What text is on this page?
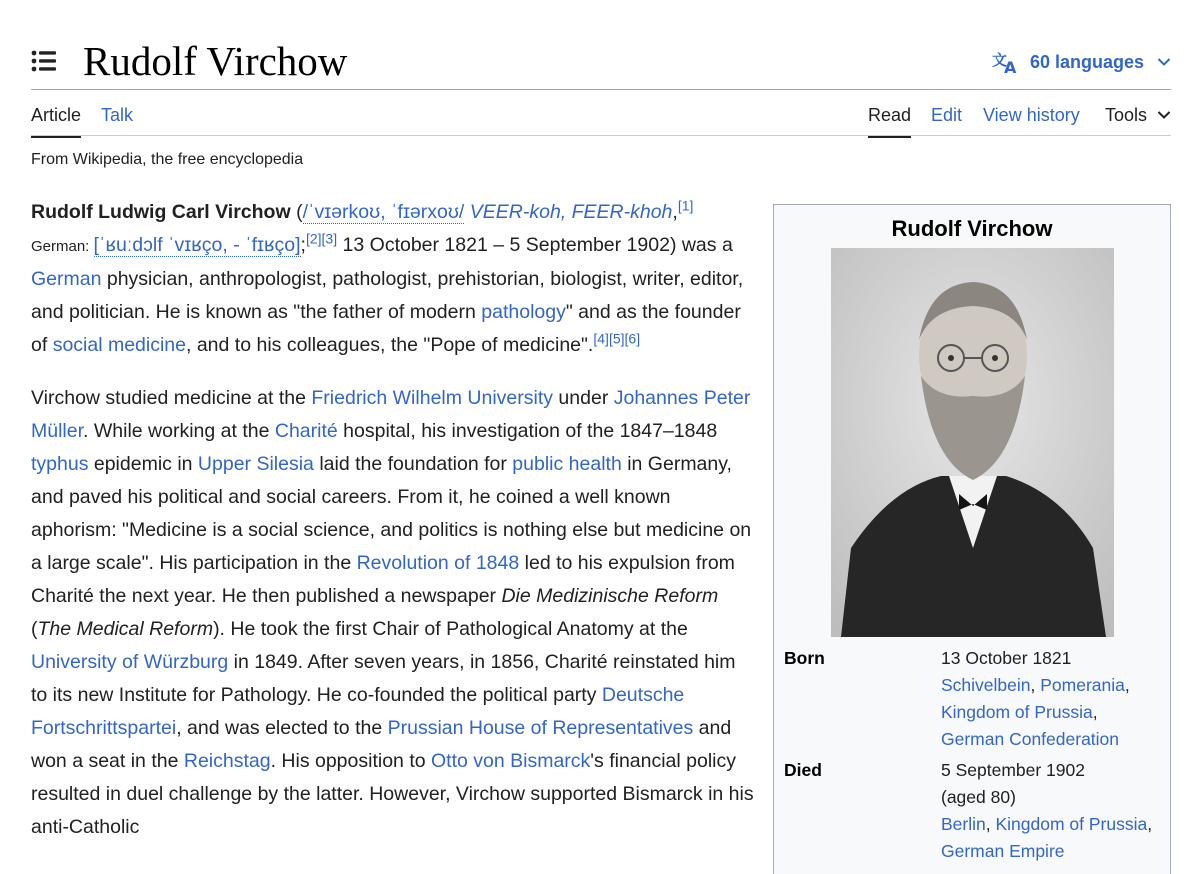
Rudolf Virchow	文
A 60 languages
Article Talk	Read Edit View history Tools
From Wikipedia, the free encyclopedia

Rudolf Ludwig Carl Virchow (/ˈvɪərkoʊ, ˈfɪərxoʊ/ VEER-koh, FEER-khoh,[1]
German: [ˈʁuːdɔlf ˈvɪʁço, - ˈfɪʁço];[2][3] 13 October 1821 – 5 September 1902) was a German physician, anthropologist, pathologist, prehistorian, biologist, writer, editor, and politician. He is known as "the father of modern pathology" and as the founder of social medicine, and to his colleagues, the "Pope of medicine".[4][5][6]

Virchow studied medicine at the Friedrich Wilhelm University under Johannes Peter Müller. While working at the Charité hospital, his investigation of the 1847–1848 typhus epidemic in Upper Silesia laid the foundation for public health in Germany, and paved his political and social careers. From it, he coined a well known aphorism: "Medicine is a social science, and politics is nothing else but medicine on a large scale". His participation in the Revolution of 1848 led to his expulsion from Charité the next year. He then published a newspaper Die Medizinische Reform (The Medical Reform). He took the first Chair of Pathological Anatomy at the University of Würzburg in 1849. After seven years, in 1856, Charité reinstated him to its new Institute for Pathology. He co-founded the political party Deutsche Fortschrittspartei, and was elected to the Prussian House of Representatives and won a seat in the Reichstag. His opposition to Otto von Bismarck's financial policy resulted in duel challenge by the latter. However, Virchow supported Bismarck in his anti-Catholic

Rudolf Virchow
Born	13 October 1821
Schivelbein, Pomerania,
Kingdom of Prussia,
German Confederation
Died	5 September 1902
(aged 80)
Berlin, Kingdom of Prussia,
German Empire
